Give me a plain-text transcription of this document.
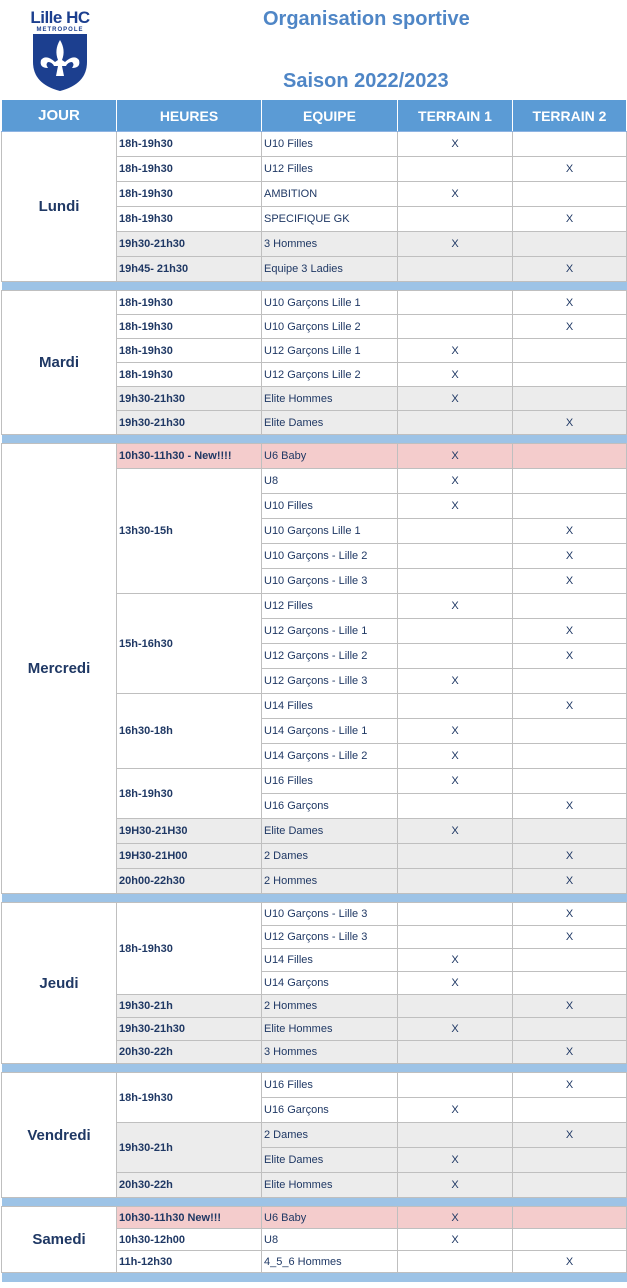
Lille HC
METROPOLE	Organisation sportive
Saison 2022/2023
JOUR	HEURES	EQUIPE	TERRAIN 1	TERRAIN 2
Lundi	18h-19h30	U10 Filles	X	
	18h-19h30	U12 Filles		X
	18h-19h30	AMBITION	X	
	18h-19h30	SPECIFIQUE GK		X
	19h30-21h30	3 Hommes	X	
	19h45- 21h30	Equipe 3 Ladies		X

Mardi	18h-19h30	U10 Garçons Lille 1		X
	18h-19h30	U10 Garçons Lille 2		X
	18h-19h30	U12 Garçons Lille 1	X	
	18h-19h30	U12 Garçons Lille 2	X	
	19h30-21h30	Elite Hommes	X	
	19h30-21h30	Elite Dames		X

Mercredi	10h30-11h30 - New!!!!	U6 Baby	X	
	13h30-15h	U8	X	
		U10 Filles	X	
		U10 Garçons Lille 1		X
		U10 Garçons - Lille 2		X
		U10 Garçons - Lille 3		X
	15h-16h30	U12 Filles	X	
		U12 Garçons - Lille 1		X
		U12 Garçons - Lille 2		X
		U12 Garçons - Lille 3	X	
	16h30-18h	U14 Filles		X
		U14 Garçons - Lille 1	X	
		U14 Garçons - Lille 2	X	
	18h-19h30	U16 Filles	X	
		U16 Garçons		X
	19H30-21H30	Elite Dames	X	
	19H30-21H00	2 Dames		X
	20h00-22h30	2 Hommes		X

Jeudi	18h-19h30	U10 Garçons - Lille 3		X
		U12 Garçons - Lille 3		X
		U14 Filles	X	
		U14 Garçons	X	
	19h30-21h	2 Hommes		X
	19h30-21h30	Elite Hommes	X	
	20h30-22h	3 Hommes		X

Vendredi	18h-19h30	U16 Filles		X
		U16 Garçons	X	
	19h30-21h	2 Dames		X
		Elite Dames	X	
	20h30-22h	Elite Hommes	X	

Samedi	10h30-11h30 New!!!	U6 Baby	X	
	10h30-12h00	U8	X	
	11h-12h30	4_5_6 Hommes		X
